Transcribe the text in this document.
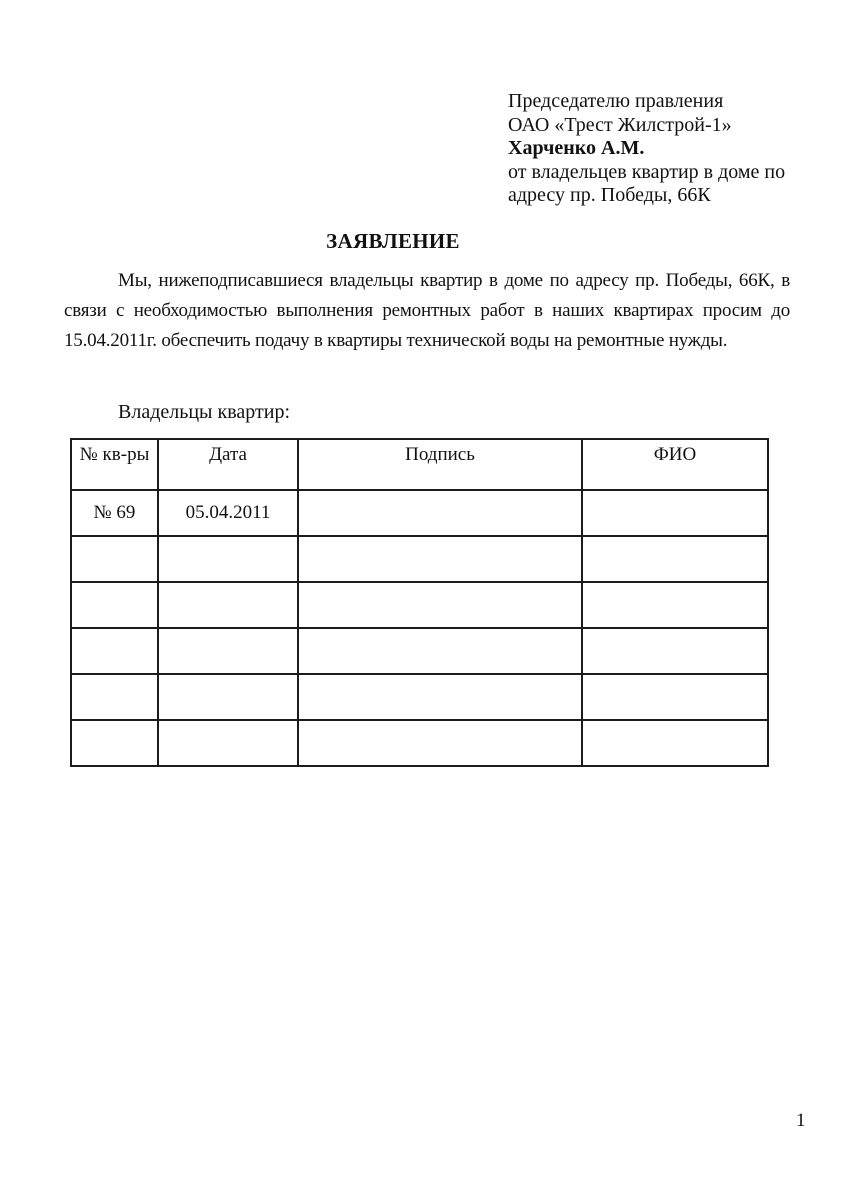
Председателю правления
ОАО «Трест Жилстрой-1»
Харченко А.М.
от владельцев квартир в доме по
адресу пр. Победы, 66К
ЗАЯВЛЕНИЕ
Мы, нижеподписавшиеся владельцы квартир в доме по адресу пр. Победы, 66К, в связи с необходимостью выполнения ремонтных работ в наших квартирах просим до 15.04.2011г. обеспечить подачу в квартиры технической воды на ремонтные нужды.
Владельцы квартир:
№ кв-ры	Дата	Подпись	ФИО
№ 69	05.04.2011		

1
